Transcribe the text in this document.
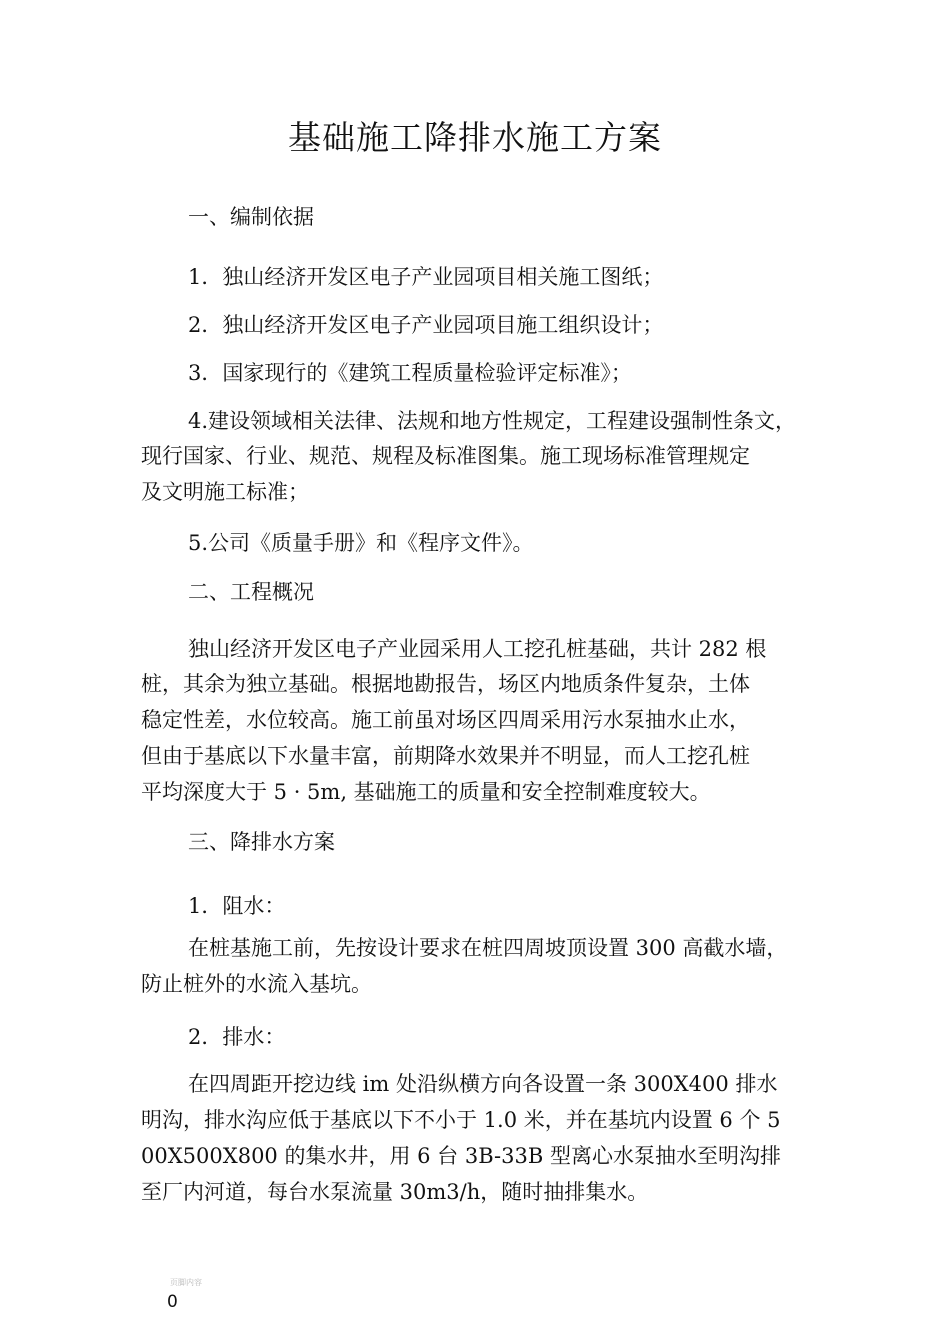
基础施工降排水施工方案
一、编制依据
1．独山经济开发区电子产业园项目相关施工图纸；
2．独山经济开发区电子产业园项目施工组织设计；
3．国家现行的《建筑工程质量检验评定标准》；
4.建设领域相关法律、法规和地方性规定，工程建设强制性条文，
现行国家、行业、规范、规程及标准图集。施工现场标准管理规定
及文明施工标准；
5.公司《质量手册》和《程序文件》。
二、工程概况
独山经济开发区电子产业园采用人工挖孔桩基础，共计 282 根
桩，其余为独立基础。根据地勘报告，场区内地质条件复杂，土体
稳定性差，水位较高。施工前虽对场区四周采用污水泵抽水止水，
但由于基底以下水量丰富，前期降水效果并不明显，而人工挖孔桩
平均深度大于 5 · 5m, 基础施工的质量和安全控制难度较大。
三、降排水方案
1．阻水：
在桩基施工前，先按设计要求在桩四周坡顶设置 300 高截水墙，
防止桩外的水流入基坑。
2．排水：
在四周距开挖边线 im 处沿纵横方向各设置一条 300X400 排水
明沟，排水沟应低于基底以下不小于 1.0 米，并在基坑内设置 6 个 5
00X500X800 的集水井，用 6 台 3B-33B 型离心水泵抽水至明沟排
至厂内河道，每台水泵流量 30m3/h，随时抽排集水。
页脚内容
0
